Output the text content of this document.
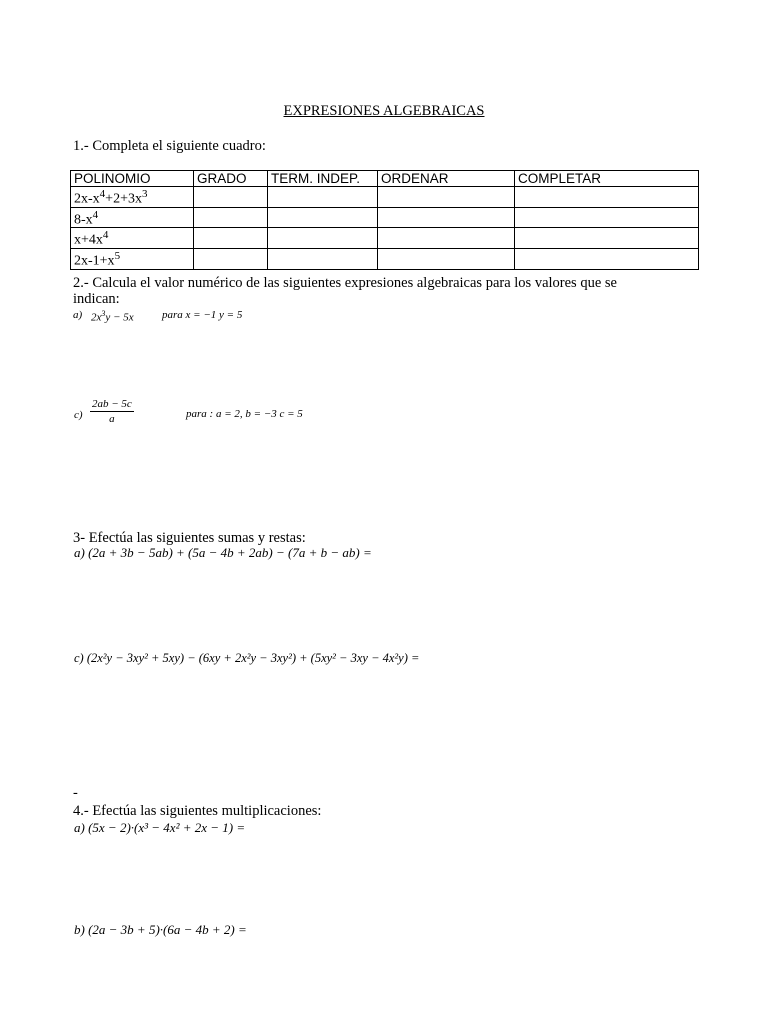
EXPRESIONES ALGEBRAICAS
1.- Completa el siguiente cuadro:
POLINOMIO	GRADO	TERM. INDEP.	ORDENAR	COMPLETAR
$2x-x^4+2+3x^3$				
$8-x^4$				
$x+4x^4$				
$2x-1+x^5$				
2.- Calcula el valor numérico de las siguientes expresiones algebraicas para los valores que se
indican:
a) $2x^3y - 5x$	para x = −1 y = 5
$c) \frac{2ab - 5c}{a}$	para : a = 2, b = −3 c = 5
3- Efectúa las siguientes sumas y restas:
a) (2a + 3b − 5ab) + (5a − 4b + 2ab) − (7a + b − ab) =
c) (2x²y − 3xy² + 5xy) − (6xy + 2x²y − 3xy²) + (5xy² − 3xy − 4x²y) =
-
4.- Efectúa las siguientes multiplicaciones:
a) (5x − 2)·(x³ − 4x² + 2x − 1) =
b) (2a − 3b + 5)·(6a − 4b + 2) =
